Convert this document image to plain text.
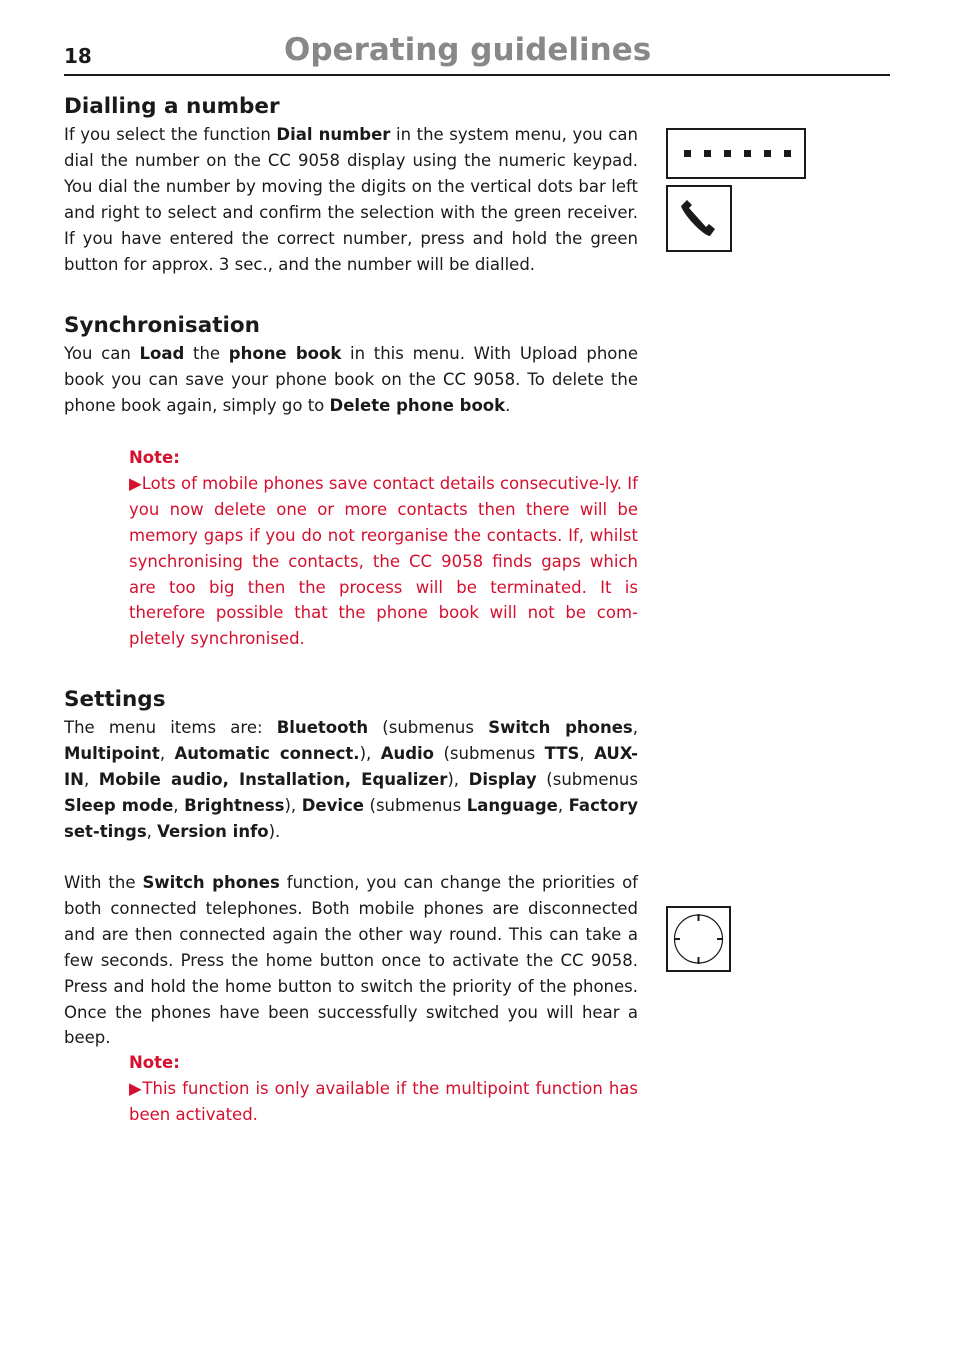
18	Operating guidelines
Dialling a number

If you select the function Dial number in the system menu, you can dial the number on the CC 9058 display using the numeric keypad. You dial the number by moving the digits on the vertical dots bar left and right to select and confirm the selection with the green receiver. If you have entered the correct number, press and hold the green button for approx. 3 sec., and the number will be dialled.

Synchronisation

You can Load the phone book in this menu. With Upload phone book you can save your phone book on the CC 9058. To delete the phone book again, simply go to Delete phone book.

Note:

▶Lots of mobile phones save contact details consecutive-ly. If you now delete one or more contacts then there will be memory gaps if you do not reorganise the contacts. If, whilst synchronising the contacts, the CC 9058 finds gaps which are too big then the process will be terminated. It is therefore possible that the phone book will not be com-pletely synchronised.

Settings

The menu items are: Bluetooth (submenus Switch phones, Multipoint, Automatic connect.), Audio (submenus TTS, AUX-IN, Mobile audio, Installation, Equalizer), Display (submenus Sleep mode, Brightness), Device (submenus Language, Factory set-tings, Version info).

With the Switch phones function, you can change the priorities of both connected telephones. Both mobile phones are disconnected and are then connected again the other way round. This can take a few seconds. Press the home button once to activate the CC 9058. Press and hold the home button to switch the priority of the phones. Once the phones have been successfully switched you will hear a beep.

Note:

▶This function is only available if the multipoint function has been activated.
